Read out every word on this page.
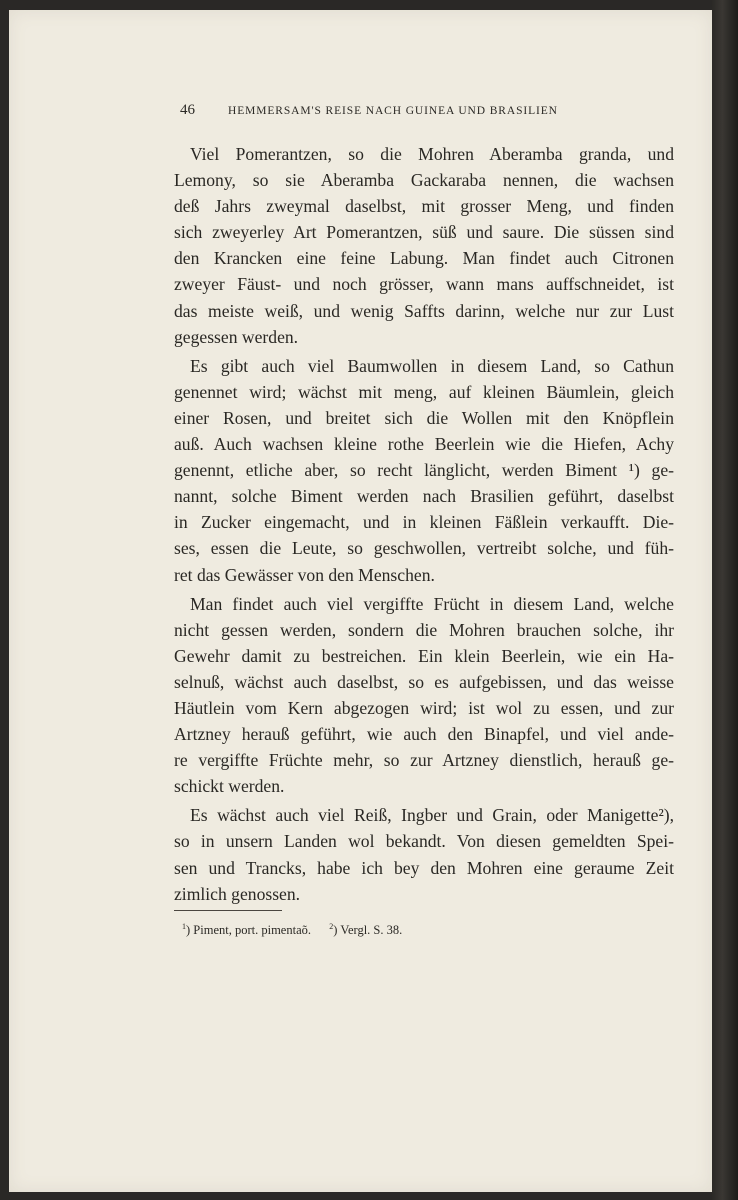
46	HEMMERSAM'S REISE NACH GUINEA UND BRASILIEN
Viel Pomerantzen, so die Mohren Aberamba granda, und
Lemony, so sie Aberamba Gackaraba nennen, die wachsen
deß Jahrs zweymal daselbst, mit grosser Meng, und finden
sich zweyerley Art Pomerantzen, süß und saure. Die süssen sind
den Krancken eine feine Labung. Man findet auch Citronen
zweyer Fäust- und noch grösser, wann mans auffschneidet, ist
das meiste weiß, und wenig Saffts darinn, welche nur zur Lust
gegessen werden.
Es gibt auch viel Baumwollen in diesem Land, so Cathun
genennet wird; wächst mit meng, auf kleinen Bäumlein, gleich
einer Rosen, und breitet sich die Wollen mit den Knöpflein
auß. Auch wachsen kleine rothe Beerlein wie die Hiefen, Achy
genennt, etliche aber, so recht länglicht, werden Biment ¹) ge-
nannt, solche Biment werden nach Brasilien geführt, daselbst
in Zucker eingemacht, und in kleinen Fäßlein verkaufft. Die-
ses, essen die Leute, so geschwollen, vertreibt solche, und füh-
ret das Gewässer von den Menschen.
Man findet auch viel vergiffte Frücht in diesem Land, welche
nicht gessen werden, sondern die Mohren brauchen solche, ihr
Gewehr damit zu bestreichen. Ein klein Beerlein, wie ein Ha-
selnuß, wächst auch daselbst, so es aufgebissen, und das weisse
Häutlein vom Kern abgezogen wird; ist wol zu essen, und zur
Artzney herauß geführt, wie auch den Binapfel, und viel ande-
re vergiffte Früchte mehr, so zur Artzney dienstlich, herauß ge-
schickt werden.
Es wächst auch viel Reiß, Ingber und Grain, oder Manigette²),
so in unsern Landen wol bekandt. Von diesen gemeldten Spei-
sen und Trancks, habe ich bey den Mohren eine geraume Zeit
zimlich genossen.
$^1$) Piment, port. pimentaõ. $^2$) Vergl. S. 38.
